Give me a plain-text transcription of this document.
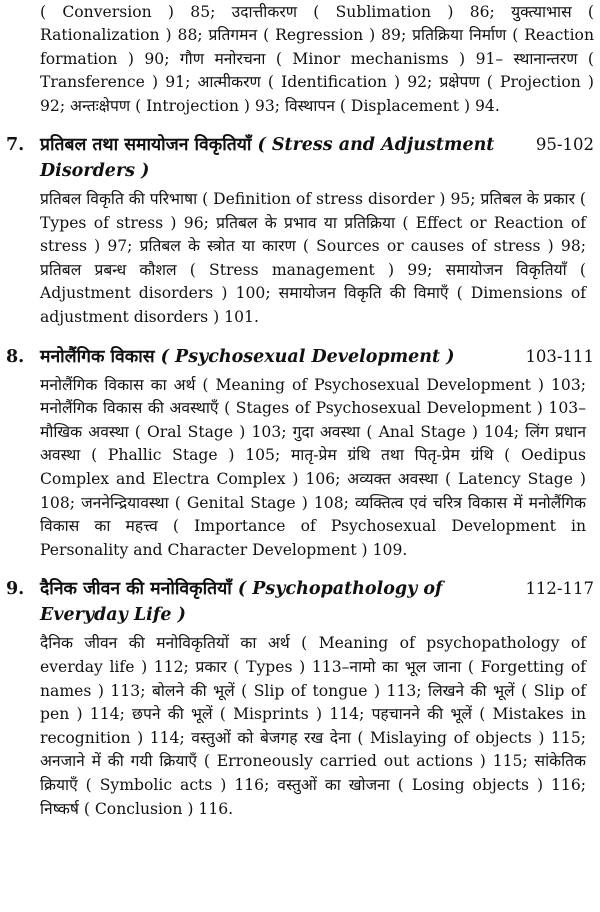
( Conversion ) 85; उदात्तीकरण ( Sublimation ) 86; युक्त्याभास ( Rationalization ) 88; प्रतिगमन ( Regression ) 89; प्रतिक्रिया निर्माण ( Reaction formation ) 90; गौण मनोरचना ( Minor mechanisms ) 91– स्थानान्तरण ( Transference ) 91; आत्मीकरण ( Identification ) 92; प्रक्षेपण ( Projection ) 92; अन्तःक्षेपण ( Introjection ) 93; विस्थापन ( Displacement ) 94.

7. प्रतिबल तथा समायोजन विकृतियाँ ( Stress and Adjustment Disorders )
95-102

प्रतिबल विकृति की परिभाषा ( Definition of stress disorder ) 95; प्रतिबल के प्रकार ( Types of stress ) 96; प्रतिबल के प्रभाव या प्रतिक्रिया ( Effect or Reaction of stress ) 97; प्रतिबल के स्त्रोत या कारण ( Sources or causes of stress ) 98; प्रतिबल प्रबन्ध कौशल ( Stress management ) 99; समायोजन विकृतियाँ ( Adjustment disorders ) 100; समायोजन विकृति की विमाएँ ( Dimensions of adjustment disorders ) 101.

8. मनोलैंगिक विकास ( Psychosexual Development )	103-111

मनोलैंगिक विकास का अर्थ ( Meaning of Psychosexual Development ) 103; मनोलैंगिक विकास की अवस्थाएँ ( Stages of Psychosexual Development ) 103–मौखिक अवस्था ( Oral Stage ) 103; गुदा अवस्था ( Anal Stage ) 104; लिंग प्रधान अवस्था ( Phallic Stage ) 105; मातृ-प्रेम ग्रंथि तथा पितृ-प्रेम ग्रंथि ( Oedipus Complex and Electra Complex ) 106; अव्यक्त अवस्था ( Latency Stage ) 108; जननेन्द्रियावस्था ( Genital Stage ) 108; व्यक्तित्व एवं चरित्र विकास में मनोलैंगिक विकास का महत्त्व ( Importance of Psychosexual Development in Personality and Character Development ) 109.

9. दैनिक जीवन की मनोविकृतियाँ ( Psychopathology of Everyday Life )
112-117

दैनिक जीवन की मनोविकृतियों का अर्थ ( Meaning of psychopathology of everday life ) 112; प्रकार ( Types ) 113–नामो का भूल जाना ( Forgetting of names ) 113; बोलने की भूलें ( Slip of tongue ) 113; लिखने की भूलें ( Slip of pen ) 114; छपने की भूलें ( Misprints ) 114; पहचानने की भूलें ( Mistakes in recognition ) 114; वस्तुओं को बेजगह रख देना ( Mislaying of objects ) 115; अनजाने में की गयी क्रियाएँ ( Erroneously carried out actions ) 115; सांकेतिक क्रियाएँ ( Symbolic acts ) 116; वस्तुओं का खोजना ( Losing objects ) 116; निष्कर्ष ( Conclusion ) 116.
